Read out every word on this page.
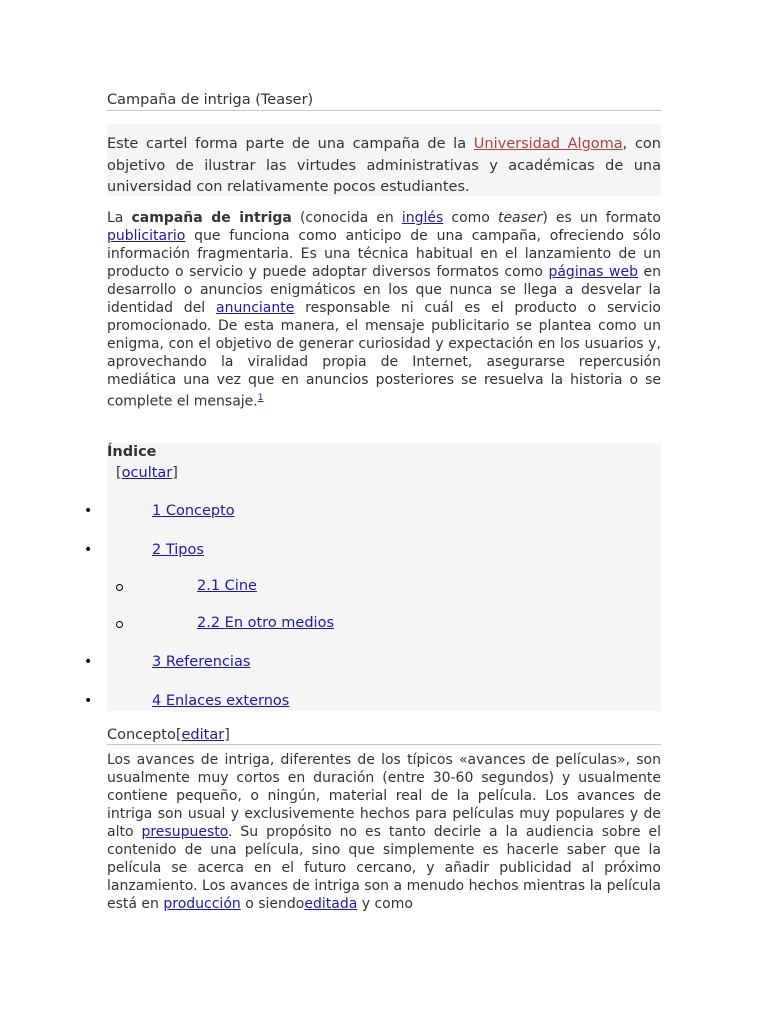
Campaña de intriga (Teaser)

Este cartel forma parte de una campaña de la Universidad Algoma, con objetivo de ilustrar las virtudes administrativas y académicas de una universidad con relativamente pocos estudiantes.

La campaña de intriga (conocida en inglés como teaser) es un formato publicitario que funciona como anticipo de una campaña, ofreciendo sólo información fragmentaria. Es una técnica habitual en el lanzamiento de un producto o servicio y puede adoptar diversos formatos como páginas web en desarrollo o anuncios enigmáticos en los que nunca se llega a desvelar la identidad del anunciante responsable ni cuál es el producto o servicio promocionado. De esta manera, el mensaje publicitario se plantea como un enigma, con el objetivo de generar curiosidad y expectación en los usuarios y, aprovechando la viralidad propia de Internet, asegurarse repercusión mediática una vez que en anuncios posteriores se resuelva la historia o se complete el mensaje.$^1$

Índice
[ocultar]
•	1 Concepto
•	2 Tipos
2.1 Cine
2.2 En otro medios
•	3 Referencias
•	4 Enlaces externos
Concepto[editar]

Los avances de intriga, diferentes de los típicos «avances de películas», son usualmente muy cortos en duración (entre 30-60 segundos) y usualmente contiene pequeño, o ningún, material real de la película. Los avances de intriga son usual y exclusivemente hechos para películas muy populares y de alto presupuesto. Su propósito no es tanto decirle a la audiencia sobre el contenido de una película, sino que simplemente es hacerle saber que la película se acerca en el futuro cercano, y añadir publicidad al próximo lanzamiento. Los avances de intriga son a menudo hechos mientras la película está en producción o siendoeditada y como
